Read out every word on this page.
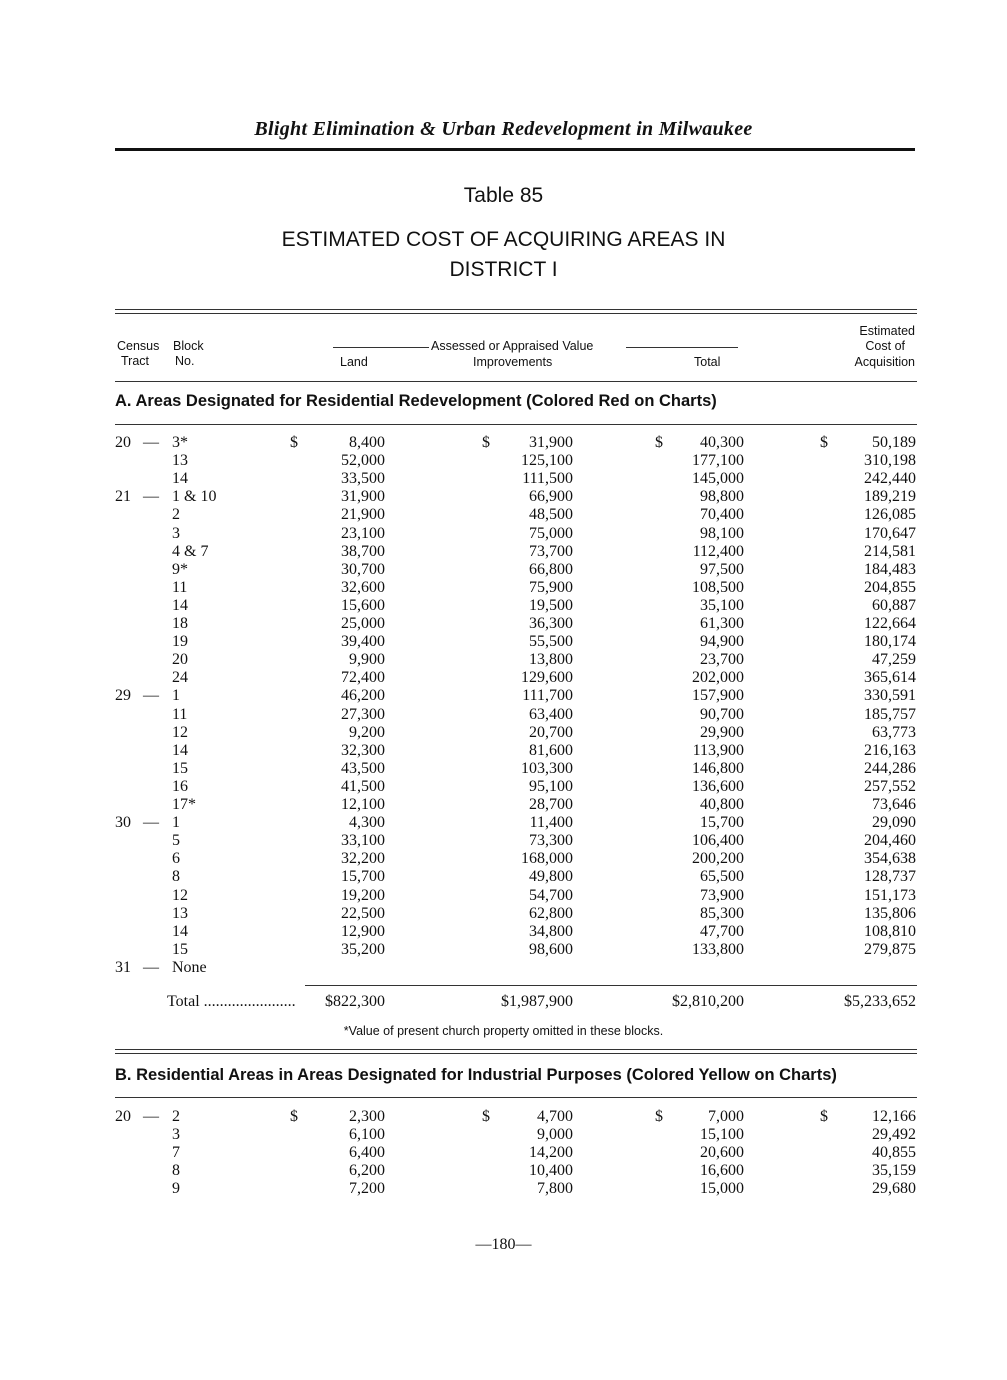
Blight Elimination & Urban Redevelopment in Milwaukee
Table 85
ESTIMATED COST OF ACQUIRING AREAS IN
DISTRICT I
Census
Tract
Block
No.
Assessed or Appraised Value
Land	Improvements	Total
Estimated
Cost of
Acquisition
A. Areas Designated for Residential Redevelopment (Colored Red on Charts)
—
20	3*	8,400	31,900	40,300	50,189
$	$	$	$
13	52,000	125,100	177,100	310,198
14	33,500	111,500	145,000	242,440
—
21	1 & 10	31,900	66,900	98,800	189,219
2	21,900	48,500	70,400	126,085
3	23,100	75,000	98,100	170,647
4 & 7	38,700	73,700	112,400	214,581
9*	30,700	66,800	97,500	184,483
11	32,600	75,900	108,500	204,855
14	15,600	19,500	35,100	60,887
18	25,000	36,300	61,300	122,664
19	39,400	55,500	94,900	180,174
20	9,900	13,800	23,700	47,259
24	72,400	129,600	202,000	365,614
—
29	1	46,200	111,700	157,900	330,591
11	27,300	63,400	90,700	185,757
12	9,200	20,700	29,900	63,773
14	32,300	81,600	113,900	216,163
15	43,500	103,300	146,800	244,286
16	41,500	95,100	136,600	257,552
17*	12,100	28,700	40,800	73,646
—
30	1	4,300	11,400	15,700	29,090
5	33,100	73,300	106,400	204,460
6	32,200	168,000	200,200	354,638
8	15,700	49,800	65,500	128,737
12	19,200	54,700	73,900	151,173
13	22,500	62,800	85,300	135,806
14	12,900	34,800	47,700	108,810
15	35,200	98,600	133,800	279,875
—
31	None
Total ....................... $822,300	$1,987,900	$2,810,200	$5,233,652
*Value of present church property omitted in these blocks.
B. Residential Areas in Areas Designated for Industrial Purposes (Colored Yellow on Charts)
—
20	2	2,300	4,700	7,000	12,166
$	$	$	$
3	6,100	9,000	15,100	29,492
7	6,400	14,200	20,600	40,855
8	6,200	10,400	16,600	35,159
9	7,200	7,800	15,000	29,680
—180—
